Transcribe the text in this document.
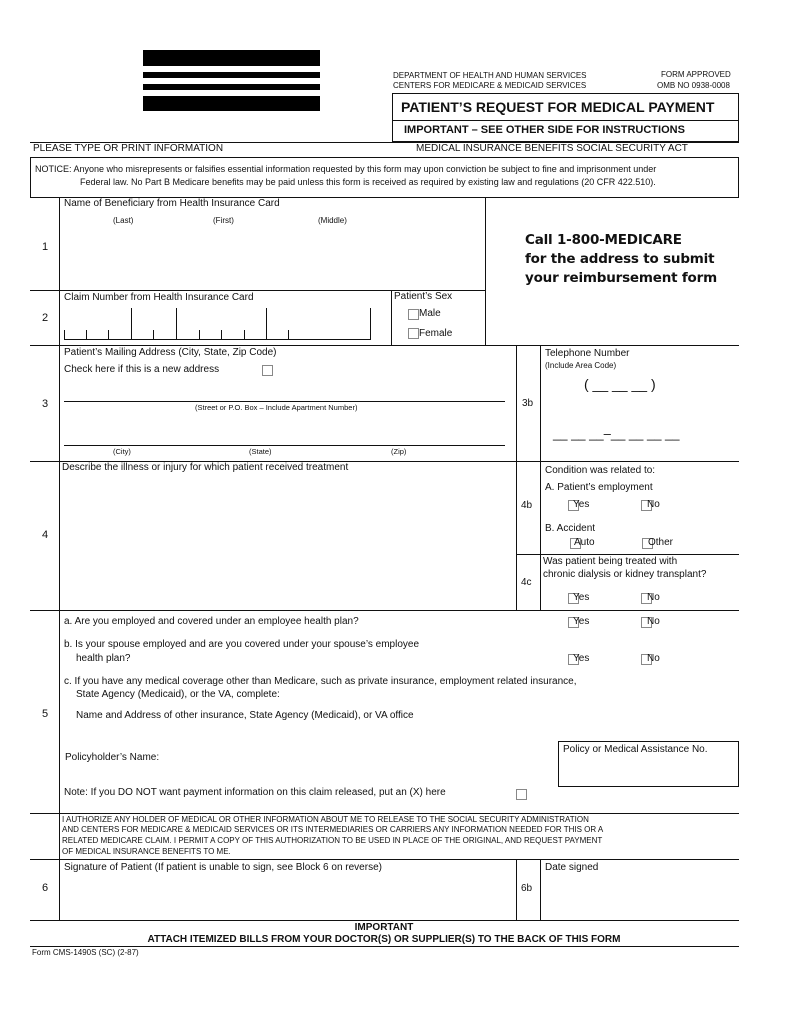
DEPARTMENT OF HEALTH AND HUMAN SERVICES
CENTERS FOR MEDICARE & MEDICAID SERVICES
FORM APPROVED
OMB NO 0938-0008
PATIENT’S REQUEST FOR MEDICAL PAYMENT
IMPORTANT – SEE OTHER SIDE FOR INSTRUCTIONS
PLEASE TYPE OR PRINT INFORMATION	MEDICAL INSURANCE BENEFITS SOCIAL SECURITY ACT
NOTICE: Anyone who misrepresents or falsifies essential information requested by this form may upon conviction be subject to fine and imprisonment under
Federal law. No Part B Medicare benefits may be paid unless this form is received as required by existing law and regulations (20 CFR 422.510).
1
Name of Beneficiary from Health Insurance Card
(Last)	(First)	(Middle)
Call 1-800-MEDICARE
for the address to submit
your reimbursement form
2
Claim Number from Health Insurance Card	Patient’s Sex
Male
Female
3
Patient’s Mailing Address (City, State, Zip Code)
Check here if this is a new address
(Street or P.O. Box – Include Apartment Number)
(City)	(State)	(Zip)
3b
Telephone Number
(Include Area Code)
( __ __ __ )
__ __ __–__ __ __ __
4
Describe the illness or injury for which patient received treatment
4b
Condition was related to:
A. Patient’s employment
Yes	No
B. Accident
Auto	Other
4c
Was patient being treated with
chronic dialysis or kidney transplant?
Yes	No
5
a. Are you employed and covered under an employee health plan?	Yes	No
b. Is your spouse employed and are you covered under your spouse’s employee
health plan?	Yes	No
c. If you have any medical coverage other than Medicare, such as private insurance, employment related insurance,
State Agency (Medicaid), or the VA, complete:
Name and Address of other insurance, State Agency (Medicaid), or VA office
Policyholder’s Name:
Policy or Medical Assistance No.
Note: If you DO NOT want payment information on this claim released, put an (X) here
I AUTHORIZE ANY HOLDER OF MEDICAL OR OTHER INFORMATION ABOUT ME TO RELEASE TO THE SOCIAL SECURITY ADMINISTRATION
AND CENTERS FOR MEDICARE & MEDICAID SERVICES OR ITS INTERMEDIARIES OR CARRIERS ANY INFORMATION NEEDED FOR THIS OR A
RELATED MEDICARE CLAIM. I PERMIT A COPY OF THIS AUTHORIZATION TO BE USED IN PLACE OF THE ORIGINAL, AND REQUEST PAYMENT
OF MEDICAL INSURANCE BENEFITS TO ME.
6
Signature of Patient (If patient is unable to sign, see Block 6 on reverse)
6b
Date signed
IMPORTANT
ATTACH ITEMIZED BILLS FROM YOUR DOCTOR(S) OR SUPPLIER(S) TO THE BACK OF THIS FORM
Form CMS-1490S (SC) (2-87)
